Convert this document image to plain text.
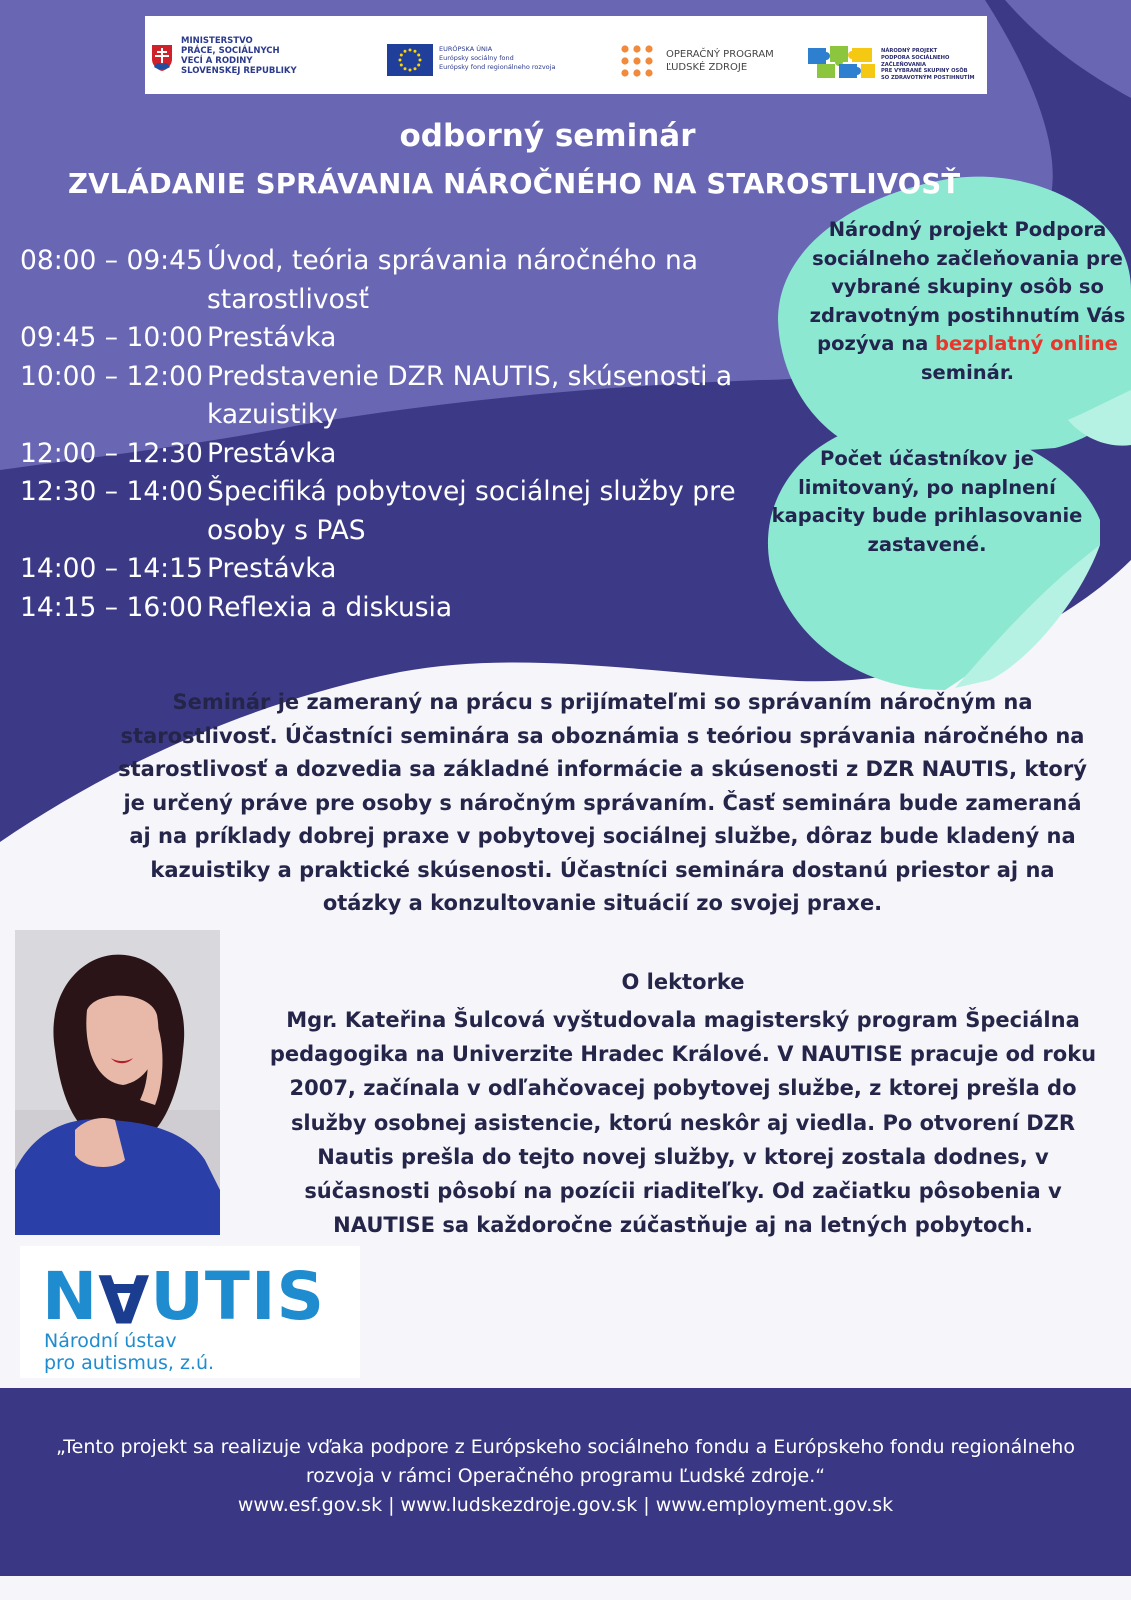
MINISTERSTVO
PRÁCE, SOCIÁLNYCH
VECÍ A RODINY
SLOVENSKEJ REPUBLIKY
EURÓPSKA ÚNIA
Európsky sociálny fond
Európsky fond regionálneho rozvoja
OPERAČNÝ PROGRAM
ĽUDSKÉ ZDROJE
NÁRODNÝ PROJEKT
PODPORA SOCIÁLNEHO ZAČLEŇOVANIA
PRE VYBRANÉ SKUPINY OSÔB
SO ZDRAVOTNÝM POSTIHNUTÍM
odborný seminár
ZVLÁDANIE SPRÁVANIA NÁROČNÉHO NA STAROSTLIVOSŤ
08:00 – 09:45 Úvod, teória správania náročného na starostlivosť
09:45 – 10:00 Prestávka
10:00 – 12:00 Predstavenie DZR NAUTIS, skúsenosti a kazuistiky
12:00 – 12:30 Prestávka
12:30 – 14:00 Špecifiká pobytovej sociálnej služby pre osoby s PAS
14:00 – 14:15 Prestávka
14:15 – 16:00 Reflexia a diskusia
Národný projekt Podpora sociálneho začleňovania pre vybrané skupiny osôb so zdravotným postihnutím Vás pozýva na bezplatný online seminár.
Počet účastníkov je limitovaný, po naplnení kapacity bude prihlasovanie zastavené.
Seminár je zameraný na prácu s prijímateľmi so správaním náročným na starostlivosť. Účastníci seminára sa oboznámia s teóriou správania náročného na starostlivosť a dozvedia sa základné informácie a skúsenosti z DZR NAUTIS, ktorý je určený práve pre osoby s náročným správaním. Časť seminára bude zameraná aj na príklady dobrej praxe v pobytovej sociálnej službe, dôraz bude kladený na kazuistiky a praktické skúsenosti. Účastníci seminára dostanú priestor aj na otázky a konzultovanie situácií zo svojej praxe.
O lektorke
Mgr. Kateřina Šulcová vyštudovala magisterský program Špeciálna pedagogika na Univerzite Hradec Králové. V NAUTISE pracuje od roku 2007, začínala v odľahčovacej pobytovej službe, z ktorej prešla do služby osobnej asistencie, ktorú neskôr aj viedla. Po otvorení DZR Nautis prešla do tejto novej služby, v ktorej zostala dodnes, v súčasnosti pôsobí na pozícii riaditeľky. Od začiatku pôsobenia v NAUTISE sa každoročne zúčastňuje aj na letných pobytoch.
NAUTIS
Národní ústav
pro autismus, z.ú.
„Tento projekt sa realizuje vďaka podpore z Európskeho sociálneho fondu a Európskeho fondu regionálneho
rozvoja v rámci Operačného programu Ľudské zdroje.“
www.esf.gov.sk | www.ludskezdroje.gov.sk | www.employment.gov.sk
